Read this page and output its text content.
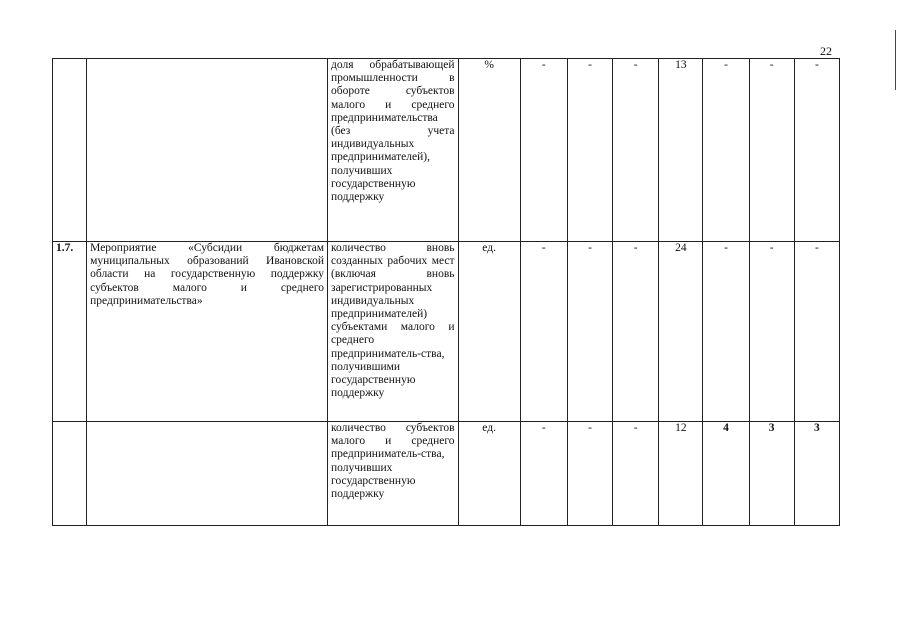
22
		доля обрабатывающей промышленности в обороте субъектов малого и среднего предпринимательства (без учета индивидуальных предпринимателей), получивших государственную поддержку	%	-	-	-	13	-	-	-
1.7.	Мероприятие «Субсидии бюджетам муниципальных образований Ивановской области на государственную поддержку субъектов малого и среднего предпринимательства»	количество вновь созданных рабочих мест (включая вновь зарегистрированных индивидуальных предпринимателей) субъектами малого и среднего предприниматель-ства, получившими государственную поддержку	ед.	-	-	-	24	-	-	-
		количество субъектов малого и среднего предприниматель-ства, получивших государственную поддержку	ед.	-	-	-	12	4	3	3
